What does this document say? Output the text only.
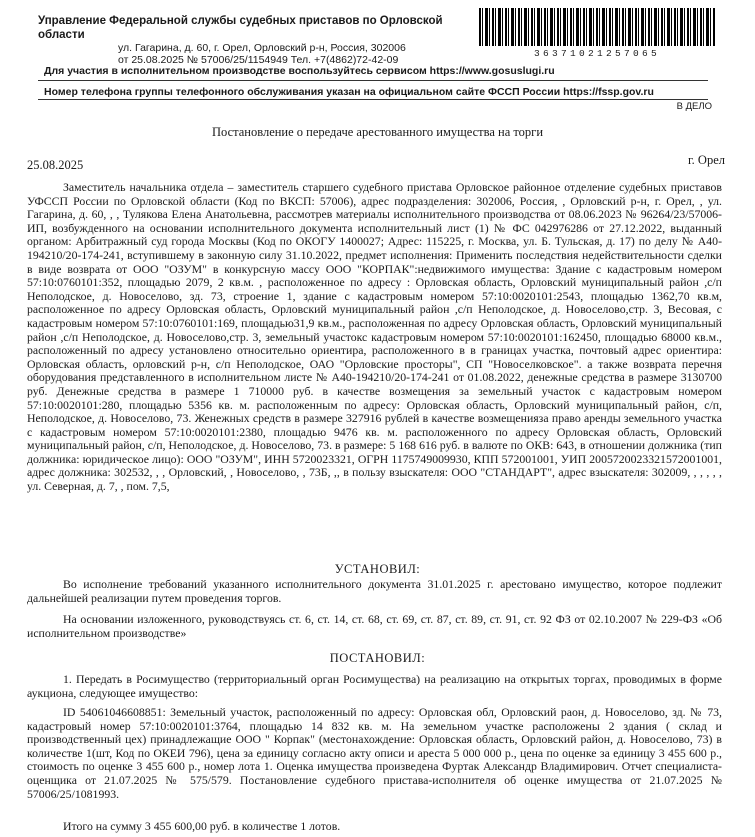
Управление Федеральной службы судебных приставов по Орловской области
ул. Гагарина, д. 60, г. Орел, Орловский р-н, Россия, 302006
от 25.08.2025 № 57006/25/1154949 Тел. +7(4862)72-42-09
36371021257065
Для участия в исполнительном производстве воспользуйтесь сервисом https://www.gosuslugi.ru
Номер телефона группы телефонного обслуживания указан на официальном сайте ФССП России https://fssp.gov.ru
В ДЕЛО
Постановление о передаче арестованного имущества на торги
25.08.2025	г. Орел
Заместитель начальника отдела – заместитель старшего судебного пристава Орловское районное отделение судебных приставов УФССП России по Орловской области (Код по ВКСП: 57006), адрес подразделения: 302006, Россия, , Орловский р-н, г. Орел, , ул. Гагарина, д. 60, , , Тулякова Елена Анатольевна, рассмотрев материалы исполнительного производства от 08.06.2023 № 96264/23/57006-ИП, возбужденного на основании исполнительного документа исполнительный лист (1) № ФС 042976286 от 27.12.2022, выданный органом: Арбитражный суд города Москвы (Код по ОКОГУ 1400027; Адрес: 115225, г. Москва, ул. Б. Тульская, д. 17) по делу № А40-194210/20-174-241, вступившему в законную силу 31.10.2022, предмет исполнения: Применить последствия недействительности сделки в виде возврата от ООО "ОЗУМ" в конкурсную массу ООО "КОРПАК":недвижимого имущества: Здание с кадастровым номером 57:10:0760101:352, площадью 2079, 2 кв.м. , расположенное по адресу : Орловская область, Орловский муниципальный район ,с/п Неполодское, д. Новоселово, зд. 73, строение 1, здание с кадастровым номером 57:10:0020101:2543, площадью 1362,70 кв.м, расположенное по адресу Орловская область, Орловский муниципальный район ,с/п Неполодское, д. Новоселово,стр. 3, Весовая, с кадастровым номером 57:10:0760101:169, площадью31,9 кв.м., расположенная по адресу Орловская область, Орловский муниципальный район ,с/п Неполодское, д. Новоселово,стр. 3, земельный участокс кадастровым номером 57:10:0020101:162450, площадью 68000 кв.м., расположенный по адресу установлено относительно ориентира, расположенного в в границах участка, почтовый адрес ориентира: Орловская область, орловский р-н, с/п Неполодское, ОАО "Орловские просторы", СП "Новоселковское". а также возврата перечня оборудования представленного в исполнительном листе № А40-194210/20-174-241 от 01.08.2022, денежные средства в размере 3130700 руб. Денежные средства в размере 1 710000 руб. в качестве возмещения за земельный участок с кадастровым номером 57:10:0020101:280, площадью 5356 кв. м. расположенным по адресу: Орловская область, Орловский муниципальный район, с/п, Неполодское, д. Новоселово, 73. Женежных средств в размере 327916 рублей в качестве возмещенияза право аренды земельного участка с кадастровым номером 57:10:0020101:2380, площадью 9476 кв. м. расположенного по адресу Орловская область, Орловский муниципальный район, с/п, Неполодское, д. Новоселово, 73. в размере: 5 168 616 руб. в валюте по ОКВ: 643, в отношении должника (тип должника: юридическое лицо): ООО "ОЗУМ", ИНН 5720023321, ОГРН 1175749009930, КПП 572001001, УИП 2005720023321572001001, адрес должника: 302532, , , Орловский, , Новоселово, , 73Б, ,, в пользу взыскателя: ООО "СТАНДАРТ", адрес взыскателя: 302009, , , , , , ул. Северная, д. 7, , пом. 7,5,
УСТАНОВИЛ:
Во исполнение требований указанного исполнительного документа 31.01.2025 г. арестовано имущество, которое подлежит дальнейшей реализации путем проведения торгов.
На основании изложенного, руководствуясь ст. 6, ст. 14, ст. 68, ст. 69, ст. 87, ст. 89, ст. 91, ст. 92 ФЗ от 02.10.2007 № 229-ФЗ «Об исполнительном производстве»
ПОСТАНОВИЛ:
1. Передать в Росимущество (территориальный орган Росимущества) на реализацию на открытых торгах, проводимых в форме аукциона, следующее имущество:
ID 54061046608851: Земельный участок, расположенный по адресу: Орловская обл, Орловский раон, д. Новоселово, зд. № 73, кадастровый номер 57:10:0020101:3764, площадью 14 832 кв. м. На земельном участке расположены 2 здания ( склад и производственный цех) принадлежащие ООО " Корпак" (местонахождение: Орловская область, Орловский район, д. Новоселово, 73) в количестве 1(шт, Код по ОКЕИ 796), цена за единицу согласно акту описи и ареста 5 000 000 р., цена по оценке за единицу 3 455 600 р., стоимость по оценке 3 455 600 р., номер лота 1. Оценка имущества произведена Фуртак Александр Владимирович. Отчет специалиста-оценщика от 21.07.2025 № 575/579. Постановление судебного пристава-исполнителя об оценке имущества от 21.07.2025 № 57006/25/1081993.
Итого на сумму 3 455 600,00 руб. в количестве 1 лотов.
